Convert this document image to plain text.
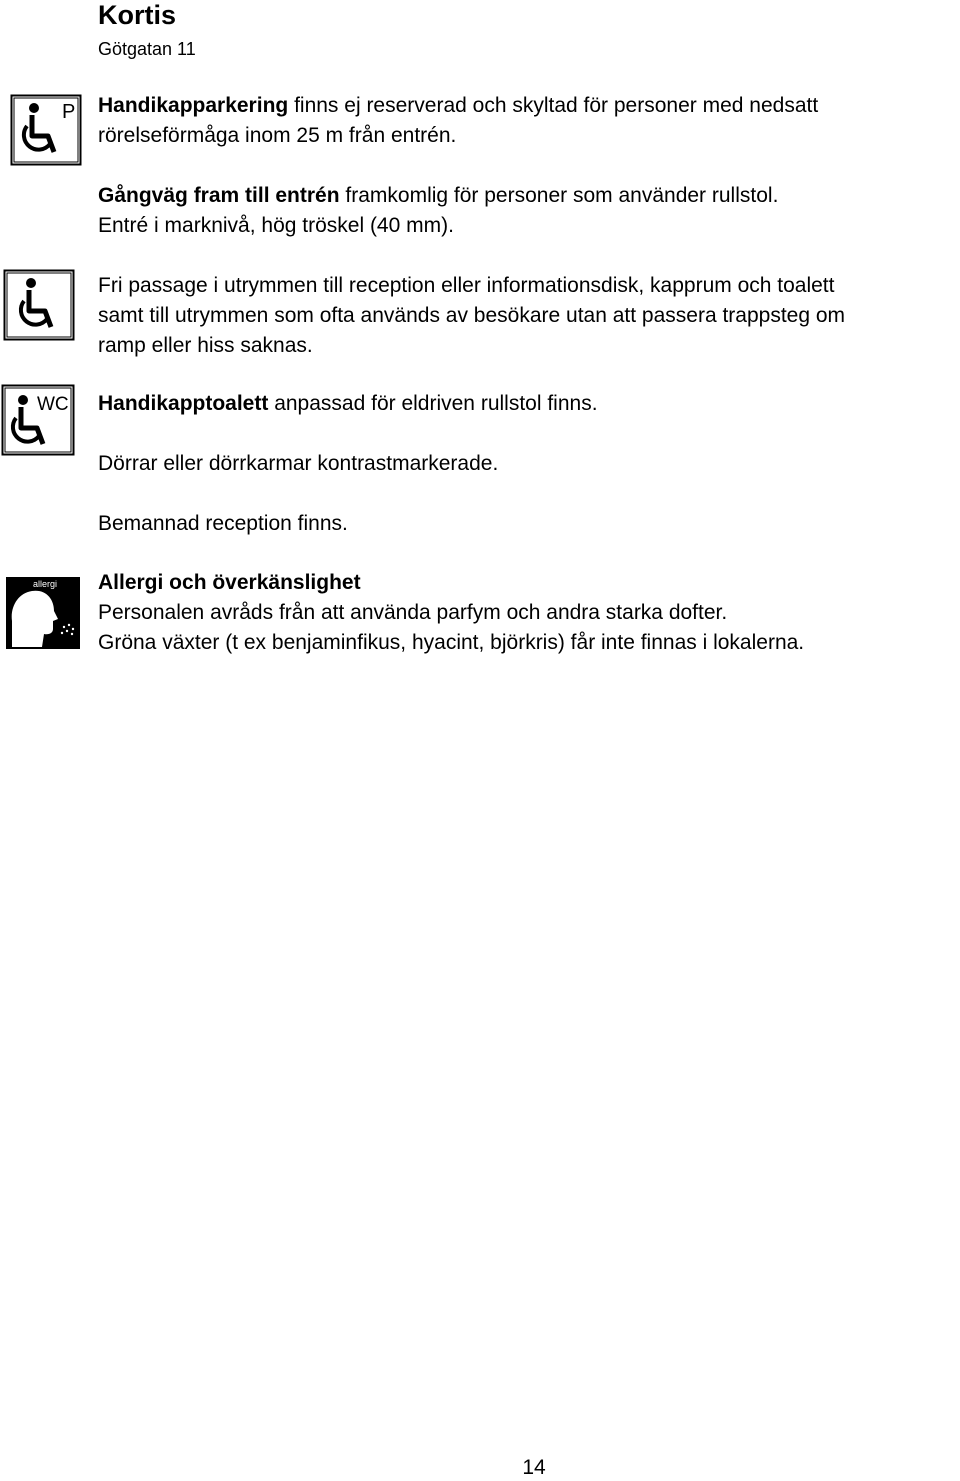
Kortis
Götgatan 11
P Handikapparkering finns ej reserverad och skyltad för personer med nedsatt
rörelseförmåga inom 25 m från entrén.
Gångväg fram till entrén framkomlig för personer som använder rullstol.
Entré i marknivå, hög tröskel (40 mm).
Fri passage i utrymmen till reception eller informationsdisk, kapprum och toalett
samt till utrymmen som ofta används av besökare utan att passera trappsteg om
ramp eller hiss saknas.
WC Handikapptoalett anpassad för eldriven rullstol finns.
Dörrar eller dörrkarmar kontrastmarkerade.
Bemannad reception finns.
allergi Allergi och överkänslighet
Personalen avråds från att använda parfym och andra starka dofter.
Gröna växter (t ex benjaminfikus, hyacint, björkris) får inte finnas i lokalerna.
14
